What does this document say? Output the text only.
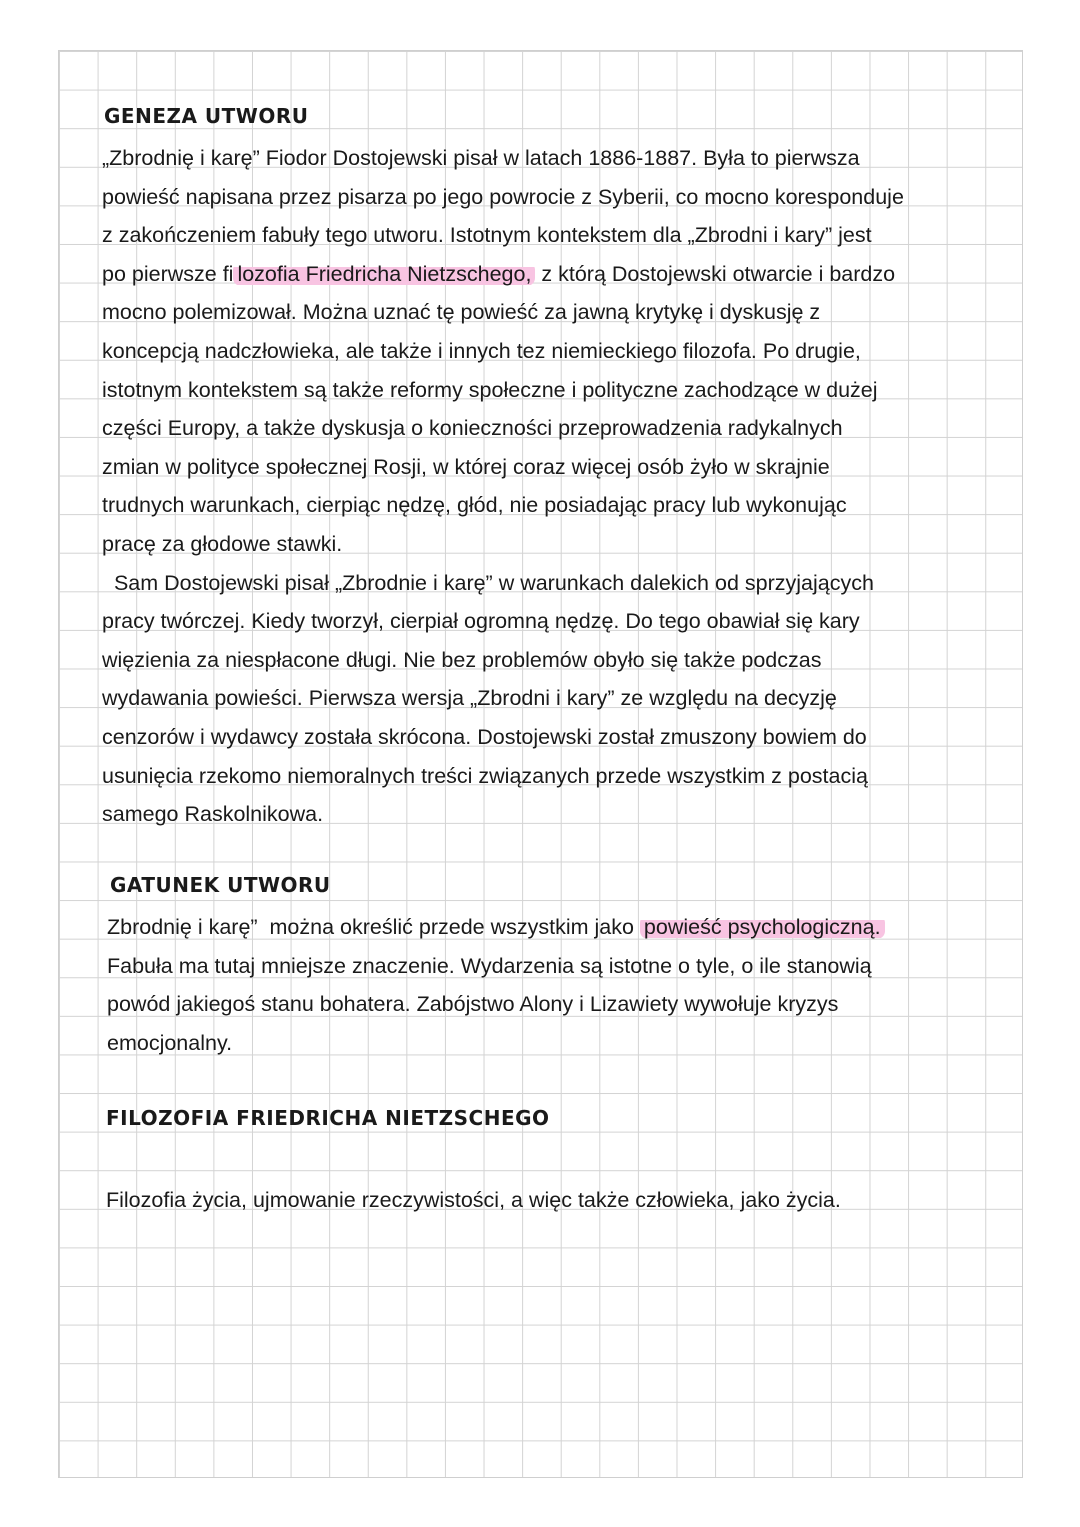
GENEZA UTWORU
„Zbrodnię i karę” Fiodor Dostojewski pisał w latach 1886-1887. Była to pierwsza
powieść napisana przez pisarza po jego powrocie z Syberii, co mocno koresponduje
z zakończeniem fabuły tego utworu. Istotnym kontekstem dla „Zbrodni i kary” jest
po pierwsze fi lozofia Friedricha Nietzschego, z którą Dostojewski otwarcie i bardzo
mocno polemizował. Można uznać tę powieść za jawną krytykę i dyskusję z
koncepcją nadczłowieka, ale także i innych tez niemieckiego filozofa. Po drugie,
istotnym kontekstem są także reformy społeczne i polityczne zachodzące w dużej
części Europy, a także dyskusja o konieczności przeprowadzenia radykalnych
zmian w polityce społecznej Rosji, w której coraz więcej osób żyło w skrajnie
trudnych warunkach, cierpiąc nędzę, głód, nie posiadając pracy lub wykonując
pracę za głodowe stawki.
Sam Dostojewski pisał „Zbrodnie i karę” w warunkach dalekich od sprzyjających
pracy twórczej. Kiedy tworzył, cierpiał ogromną nędzę. Do tego obawiał się kary
więzienia za niespłacone długi. Nie bez problemów obyło się także podczas
wydawania powieści. Pierwsza wersja „Zbrodni i kary” ze względu na decyzję
cenzorów i wydawcy została skrócona. Dostojewski został zmuszony bowiem do
usunięcia rzekomo niemoralnych treści związanych przede wszystkim z postacią
samego Raskolnikowa.
GATUNEK UTWORU
Zbrodnię i karę”  można określić przede wszystkim jako powieść psychologiczną.
Fabuła ma tutaj mniejsze znaczenie. Wydarzenia są istotne o tyle, o ile stanowią
powód jakiegoś stanu bohatera. Zabójstwo Alony i Lizawiety wywołuje kryzys
emocjonalny.
FILOZOFIA FRIEDRICHA NIETZSCHEGO
Filozofia życia, ujmowanie rzeczywistości, a więc także człowieka, jako życia.
